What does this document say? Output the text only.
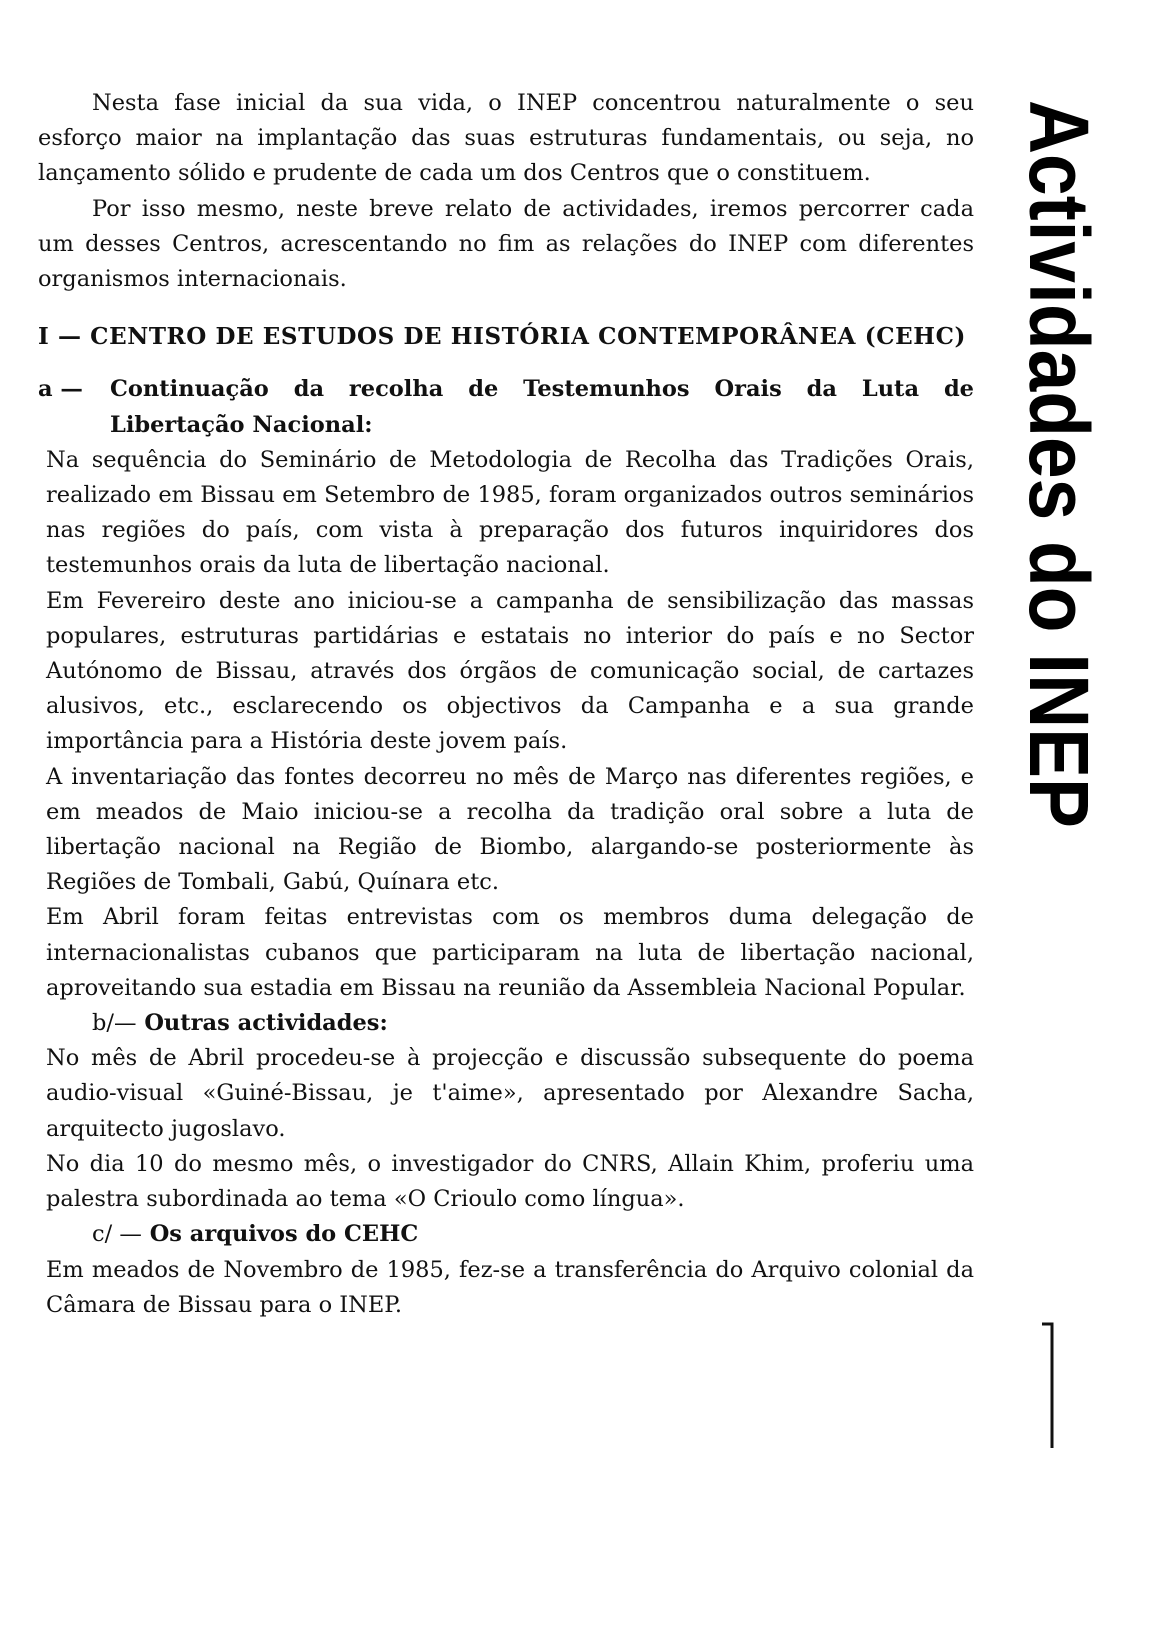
Nesta fase inicial da sua vida, o INEP concentrou naturalmente o seu esforço maior na implantação das suas estruturas fundamentais, ou seja, no lançamento sólido e prudente de cada um dos Centros que o constituem.

Por isso mesmo, neste breve relato de actividades, iremos percorrer cada um desses Centros, acrescentando no fim as relações do INEP com diferentes organismos internacionais.

I — CENTRO DE ESTUDOS DE HISTÓRIA CONTEMPORÂNEA (CEHC)
a —	Continuação da recolha de Testemunhos Orais da Luta de Libertação Nacional:

Na sequência do Seminário de Metodologia de Recolha das Tradições Orais, realizado em Bissau em Setembro de 1985, foram organizados outros seminários nas regiões do país, com vista à preparação dos futuros inquiridores dos testemunhos orais da luta de libertação nacional.

Em Fevereiro deste ano iniciou-se a campanha de sensibilização das massas populares, estruturas partidárias e estatais no interior do país e no Sector Autónomo de Bissau, através dos órgãos de comunicação social, de cartazes alusivos, etc., esclarecendo os objectivos da Campanha e a sua grande importância para a História deste jovem país.

A inventariação das fontes decorreu no mês de Março nas diferentes regiões, e em meados de Maio iniciou-se a recolha da tradição oral sobre a luta de libertação nacional na Região de Biombo, alargando-se posteriormente às Regiões de Tombali, Gabú, Quínara etc.

Em Abril foram feitas entrevistas com os membros duma delegação de internacionalistas cubanos que participaram na luta de libertação nacional, aproveitando sua estadia em Bissau na reunião da Assembleia Nacional Popular.

b/— Outras actividades:

No mês de Abril procedeu-se à projecção e discussão subsequente do poema audio-visual «Guiné-Bissau, je t'aime», apresentado por Alexandre Sacha, arquitecto jugoslavo.

No dia 10 do mesmo mês, o investigador do CNRS, Allain Khim, proferiu uma palestra subordinada ao tema «O Crioulo como língua».

c/ — Os arquivos do CEHC

Em meados de Novembro de 1985, fez-se a transferência do Arquivo colonial da Câmara de Bissau para o INEP.

Actividades do INEP
